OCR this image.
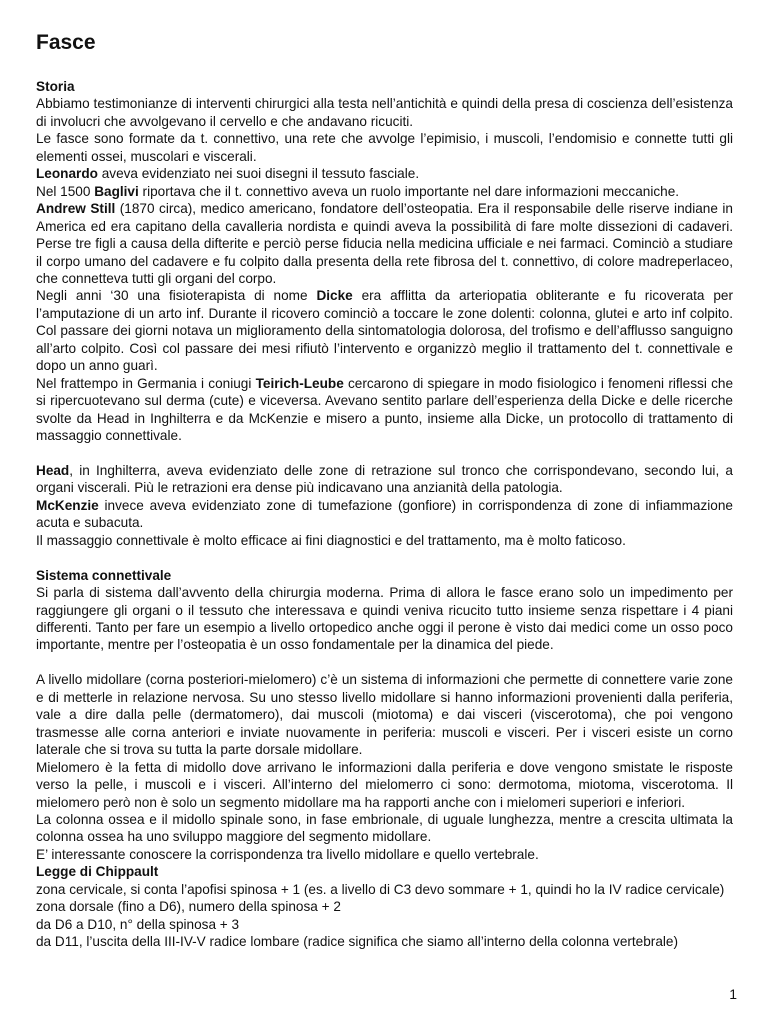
Fasce
Storia

Abbiamo testimonianze di interventi chirurgici alla testa nell’antichità e quindi della presa di coscienza dell’esistenza di involucri che avvolgevano il cervello e che andavano ricuciti.

Le fasce sono formate da t. connettivo, una rete che avvolge l’epimisio, i muscoli, l’endomisio e connette tutti gli elementi ossei, muscolari e viscerali.

Leonardo aveva evidenziato nei suoi disegni il tessuto fasciale.

Nel 1500 Baglivi riportava che il t. connettivo aveva un ruolo importante nel dare informazioni meccaniche.

Andrew Still (1870 circa), medico americano, fondatore dell’osteopatia. Era il responsabile delle riserve indiane in America ed era capitano della cavalleria nordista e quindi aveva la possibilità di fare molte dissezioni di cadaveri. Perse tre figli a causa della difterite e perciò perse fiducia nella medicina ufficiale e nei farmaci. Cominciò a studiare il corpo umano del cadavere e fu colpito dalla presenta della rete fibrosa del t. connettivo, di colore madreperlaceo, che connetteva tutti gli organi del corpo.

Negli anni ‘30 una fisioterapista di nome Dicke era afflitta da arteriopatia obliterante e fu ricoverata per l’amputazione di un arto inf. Durante il ricovero cominciò a toccare le zone dolenti: colonna, glutei e arto inf colpito. Col passare dei giorni notava un miglioramento della sintomatologia dolorosa, del trofismo e dell’afflusso sanguigno all’arto colpito. Così col passare dei mesi rifiutò l’intervento e organizzò meglio il trattamento del t. connettivale e dopo un anno guarì.

Nel frattempo in Germania i coniugi Teirich-Leube cercarono di spiegare in modo fisiologico i fenomeni riflessi che si ripercuotevano sul derma (cute) e viceversa. Avevano sentito parlare dell’esperienza della Dicke e delle ricerche svolte da Head in Inghilterra e da McKenzie e misero a punto, insieme alla Dicke, un protocollo di trattamento di massaggio connettivale.

Head, in Inghilterra, aveva evidenziato delle zone di retrazione sul tronco che corrispondevano, secondo lui, a organi viscerali. Più le retrazioni era dense più indicavano una anzianità della patologia.

McKenzie invece aveva evidenziato zone di tumefazione (gonfiore) in corrispondenza di zone di infiammazione acuta e subacuta.

Il massaggio connettivale è molto efficace ai fini diagnostici e del trattamento, ma è molto faticoso.

Sistema connettivale

Si parla di sistema dall’avvento della chirurgia moderna. Prima di allora le fasce erano solo un impedimento per raggiungere gli organi o il tessuto che interessava e quindi veniva ricucito tutto insieme senza rispettare i 4 piani differenti. Tanto per fare un esempio a livello ortopedico anche oggi il perone è visto dai medici come un osso poco importante, mentre per l’osteopatia è un osso fondamentale per la dinamica del piede.

A livello midollare (corna posteriori-mielomero) c’è un sistema di informazioni che permette di connettere varie zone e di metterle in relazione nervosa. Su uno stesso livello midollare si hanno informazioni provenienti dalla periferia, vale a dire dalla pelle (dermatomero), dai muscoli (miotoma) e dai visceri (viscerotoma), che poi vengono trasmesse alle corna anteriori e inviate nuovamente in periferia: muscoli e visceri. Per i visceri esiste un corno laterale che si trova su tutta la parte dorsale midollare.

Mielomero è la fetta di midollo dove arrivano le informazioni dalla periferia e dove vengono smistate le risposte verso la pelle, i muscoli e i visceri. All’interno del mielomerro ci sono: dermotoma, miotoma, viscerotoma. Il mielomero però non è solo un segmento midollare ma ha rapporti anche con i mielomeri superiori e inferiori.

La colonna ossea e il midollo spinale sono, in fase embrionale, di uguale lunghezza, mentre a crescita ultimata la colonna ossea ha uno sviluppo maggiore del segmento midollare.

E’ interessante conoscere la corrispondenza tra livello midollare e quello vertebrale.

Legge di Chippault

zona cervicale, si conta l’apofisi spinosa + 1 (es. a livello di C3 devo sommare + 1, quindi ho la IV radice cervicale)

zona dorsale (fino a D6), numero della spinosa + 2

da D6 a D10, n° della spinosa + 3

da D11, l’uscita della III-IV-V radice lombare (radice significa che siamo all’interno della colonna vertebrale)

1
